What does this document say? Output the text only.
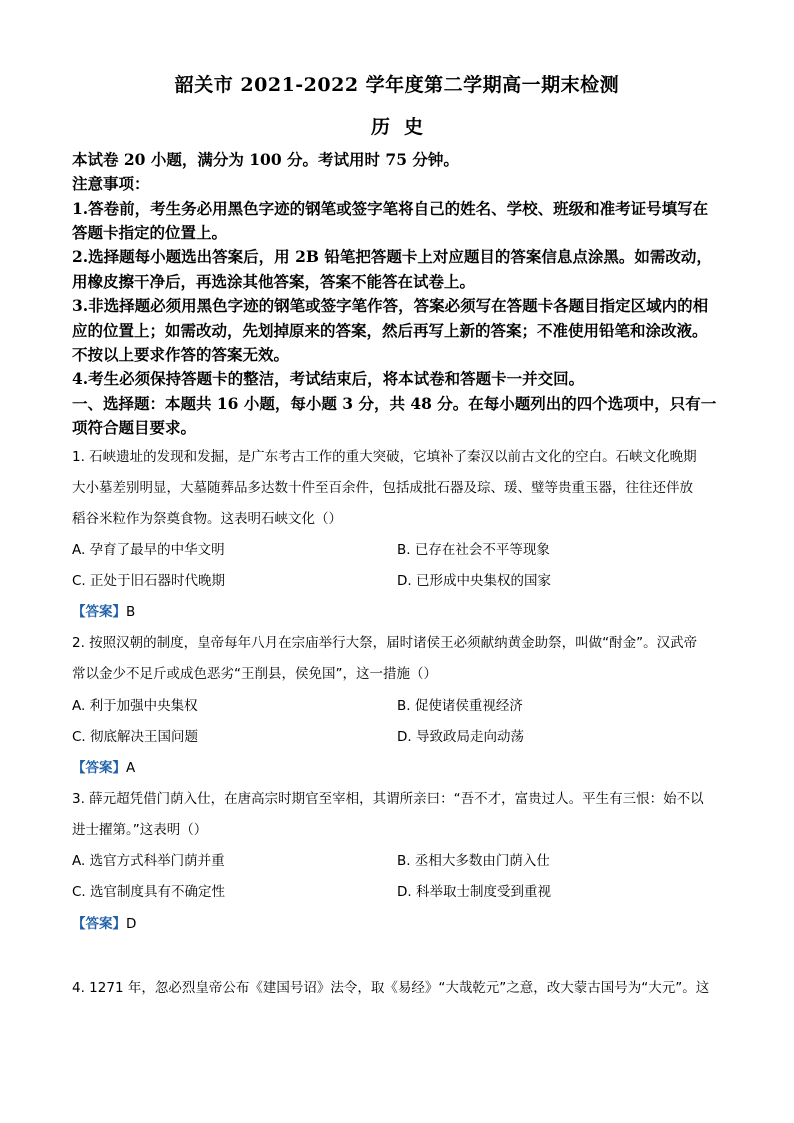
韶关市 2021-2022 学年度第二学期高一期末检测
历史
本试卷 20 小题，满分为 100 分。考试用时 75 分钟。
注意事项：
1.答卷前，考生务必用黑色字迹的钢笔或签字笔将自己的姓名、学校、班级和准考证号填写在
答题卡指定的位置上。
2.选择题每小题选出答案后，用 2B 铅笔把答题卡上对应题目的答案信息点涂黑。如需改动，
用橡皮擦干净后，再选涂其他答案，答案不能答在试卷上。
3.非选择题必须用黑色字迹的钢笔或签字笔作答，答案必须写在答题卡各题目指定区域内的相
应的位置上；如需改动，先划掉原来的答案，然后再写上新的答案；不准使用铅笔和涂改液。
不按以上要求作答的答案无效。
4.考生必须保持答题卡的整洁，考试结束后，将本试卷和答题卡一并交回。
一、选择题：本题共 16 小题，每小题 3 分，共 48 分。在每小题列出的四个选项中，只有一
项符合题目要求。
1. 石峡遗址的发现和发掘，是广东考古工作的重大突破，它填补了秦汉以前古文化的空白。石峡文化晚期
大小墓差别明显，大墓随葬品多达数十件至百余件，包括成批石器及琮、瑗、璧等贵重玉器，往往还伴放
稻谷米粒作为祭奠食物。这表明石峡文化（）
A. 孕育了最早的中华文明	B. 已存在社会不平等现象
C. 正处于旧石器时代晚期	D. 已形成中央集权的国家
【答案】B
2. 按照汉朝的制度，皇帝每年八月在宗庙举行大祭，届时诸侯王必须献纳黄金助祭，叫做“酎金”。汉武帝
常以金少不足斤或成色恶劣“王削县，侯免国”，这一措施（）
A. 利于加强中央集权	B. 促使诸侯重视经济
C. 彻底解决王国问题	D. 导致政局走向动荡
【答案】A
3. 薛元超凭借门荫入仕，在唐高宗时期官至宰相，其谓所亲曰：“吾不才，富贵过人。平生有三恨：始不以
进士擢第。”这表明（）
A. 选官方式科举门荫并重	B. 丞相大多数由门荫入仕
C. 选官制度具有不确定性	D. 科举取士制度受到重视
【答案】D
4. 1271 年，忽必烈皇帝公布《建国号诏》法令，取《易经》“大哉乾元”之意，改大蒙古国号为“大元”。这
